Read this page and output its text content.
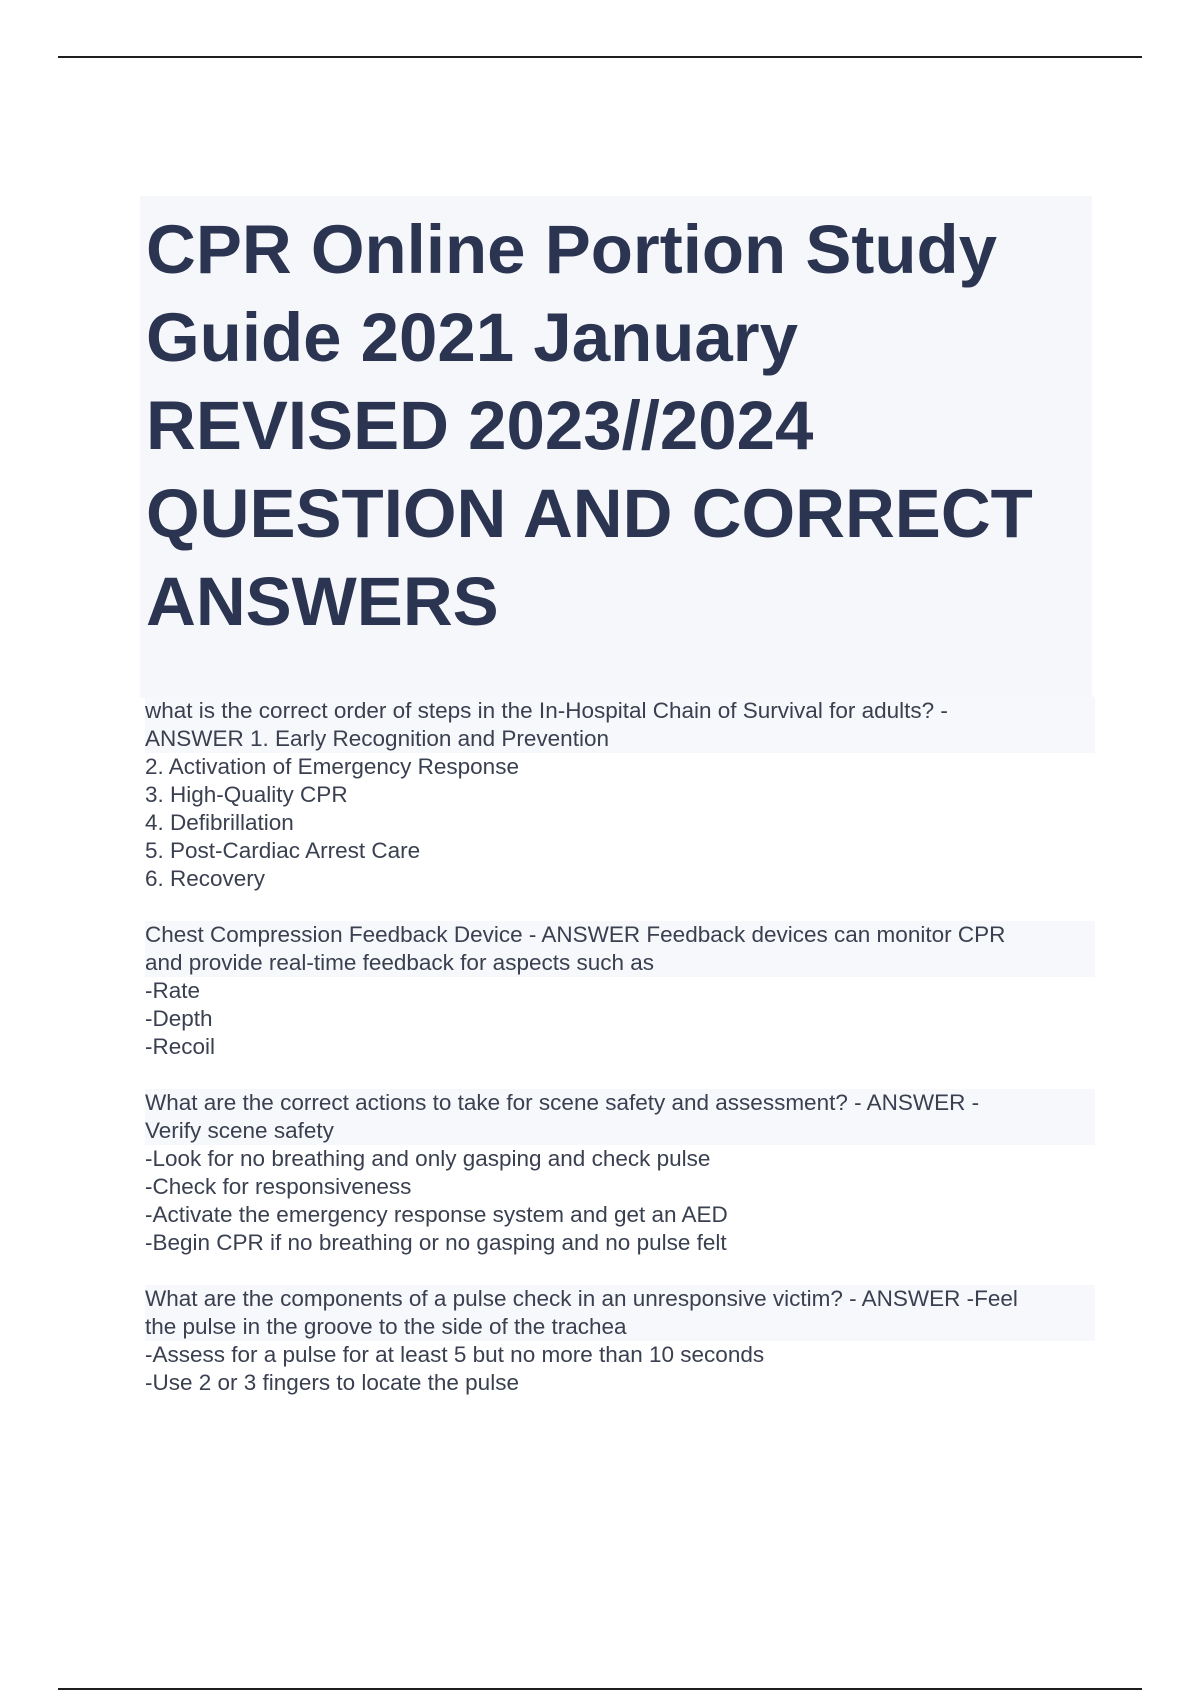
CPR Online Portion Study
Guide 2021 January
REVISED 2023//2024
QUESTION AND CORRECT
ANSWERS
what is the correct order of steps in the In-Hospital Chain of Survival for adults? -
ANSWER 1. Early Recognition and Prevention
2. Activation of Emergency Response
3. High-Quality CPR
4. Defibrillation
5. Post-Cardiac Arrest Care
6. Recovery
Chest Compression Feedback Device - ANSWER Feedback devices can monitor CPR
and provide real-time feedback for aspects such as
-Rate
-Depth
-Recoil
What are the correct actions to take for scene safety and assessment? - ANSWER -
Verify scene safety
-Look for no breathing and only gasping and check pulse
-Check for responsiveness
-Activate the emergency response system and get an AED
-Begin CPR if no breathing or no gasping and no pulse felt
What are the components of a pulse check in an unresponsive victim? - ANSWER -Feel
the pulse in the groove to the side of the trachea
-Assess for a pulse for at least 5 but no more than 10 seconds
-Use 2 or 3 fingers to locate the pulse
